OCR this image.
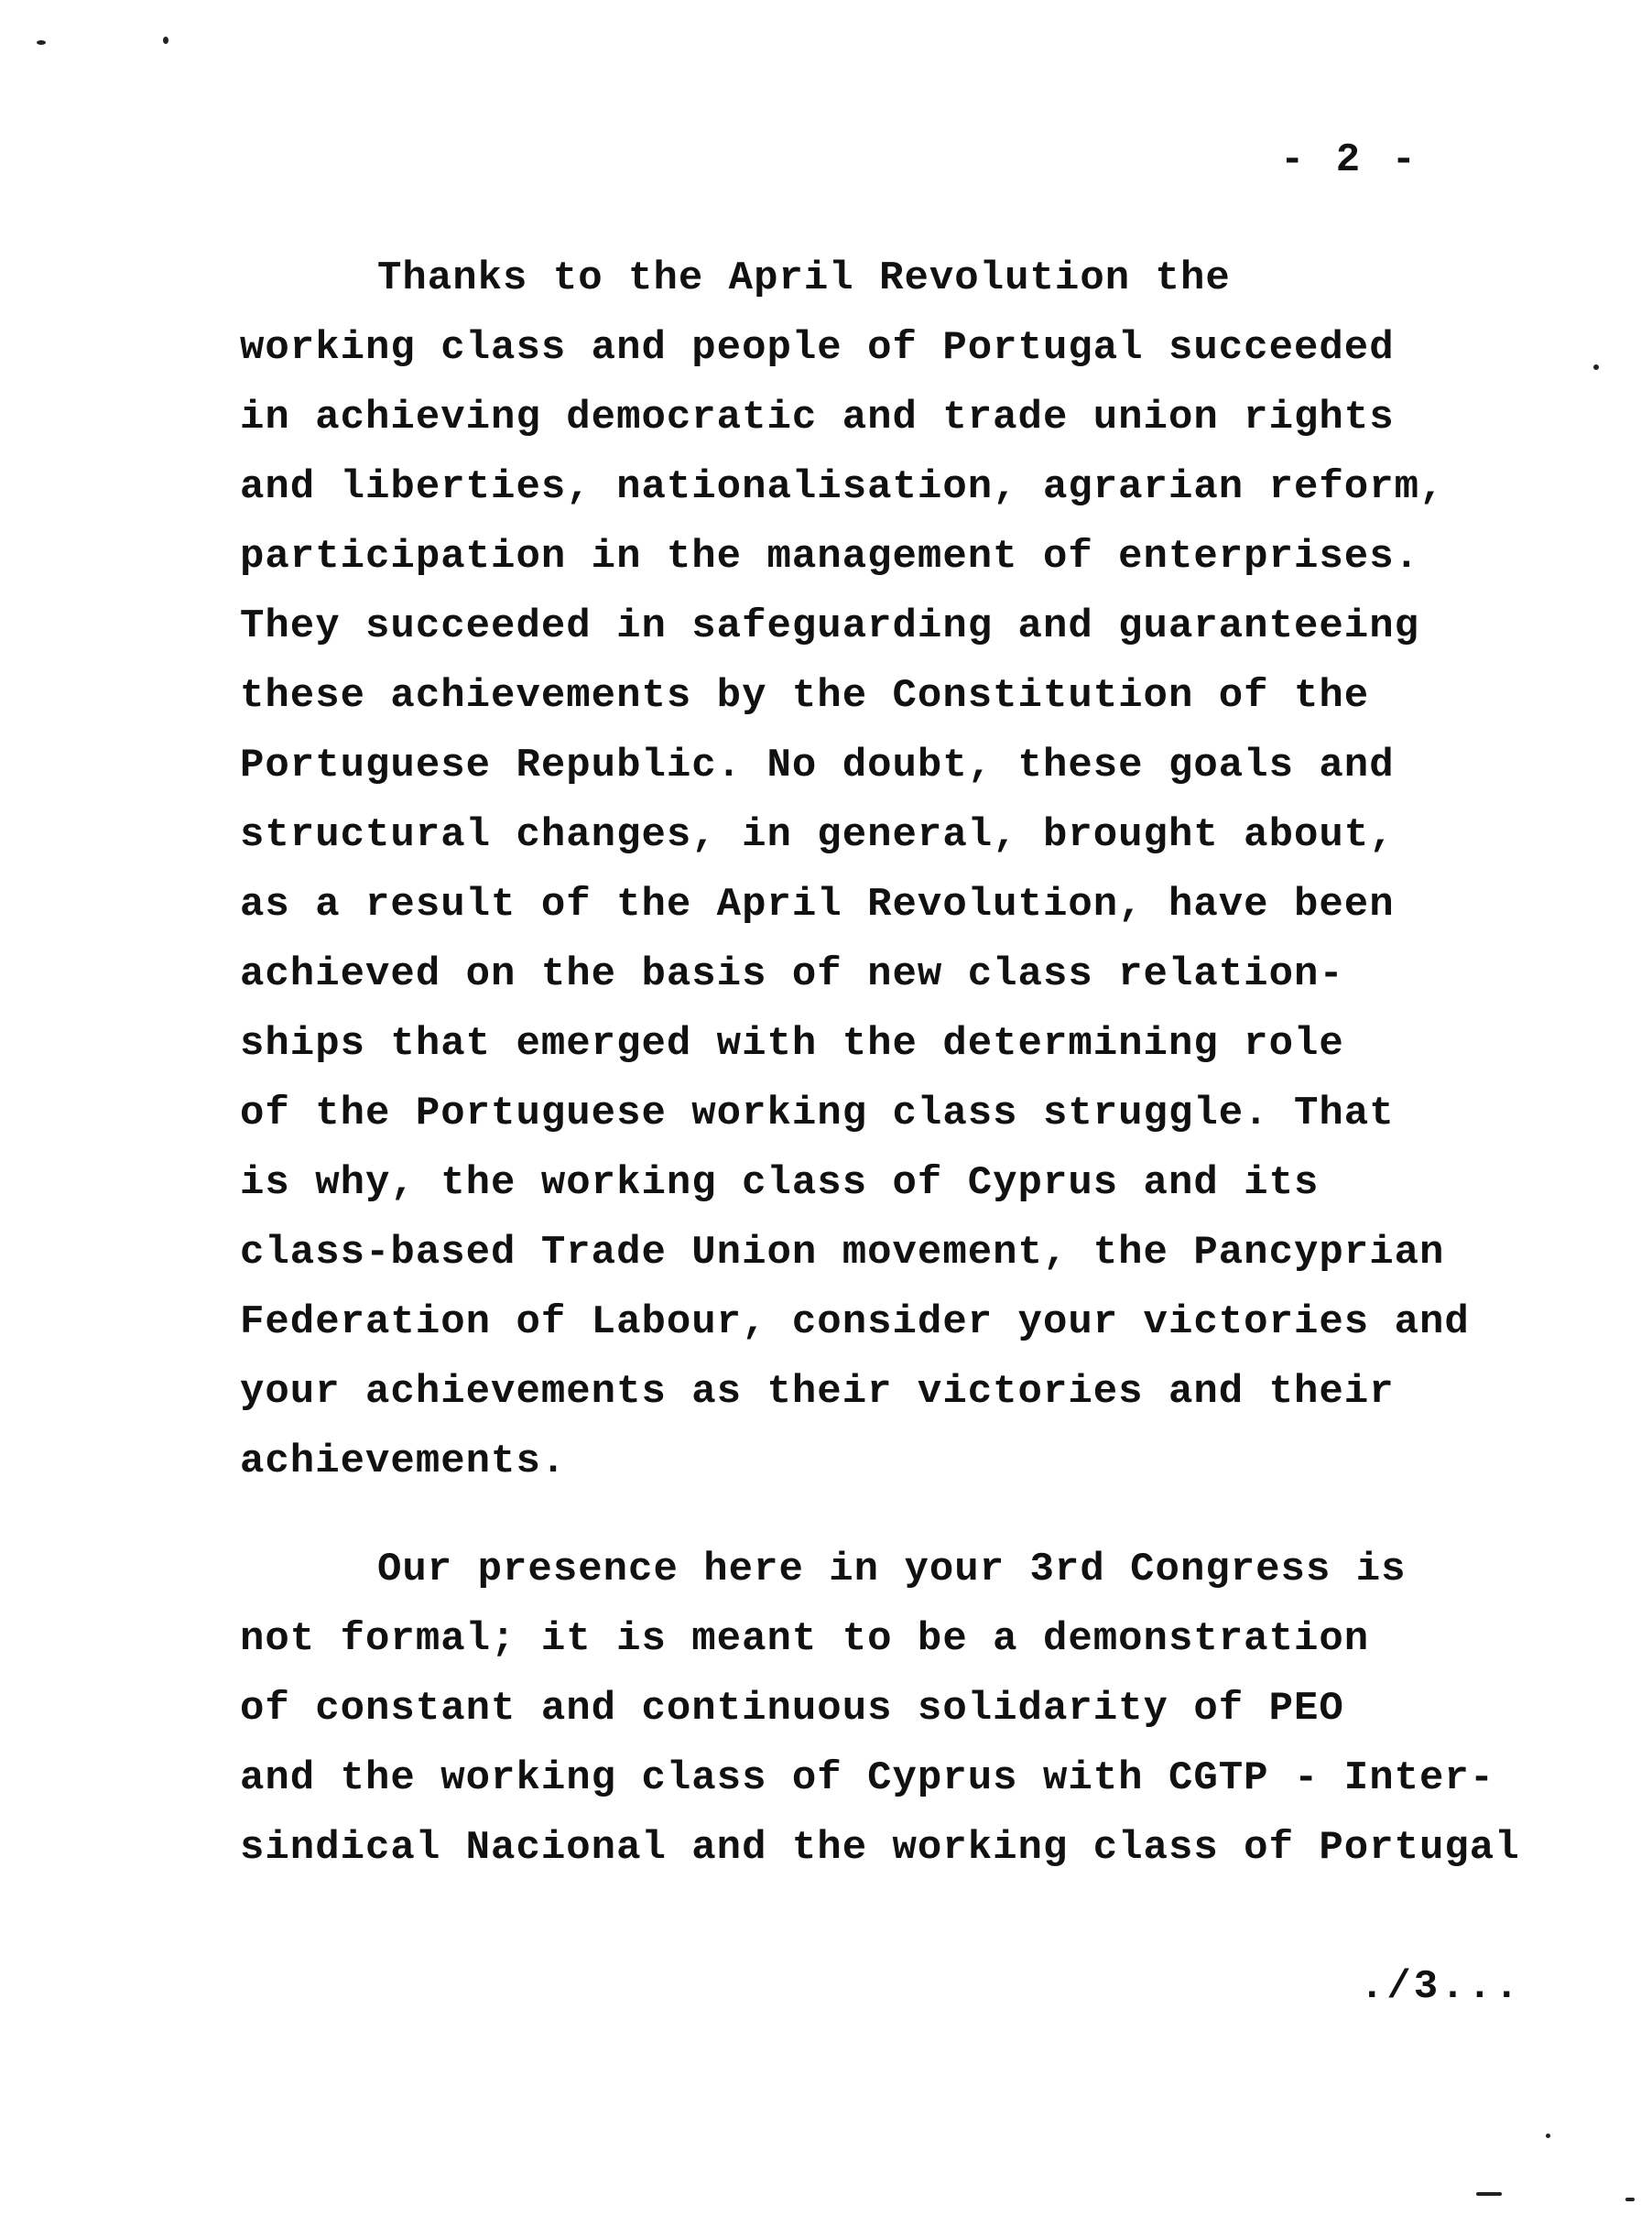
- 2 -
Thanks to the April Revolution the
working class and people of Portugal succeeded
in achieving democratic and trade union rights
and liberties, nationalisation, agrarian reform,
participation in the management of enterprises.
They succeeded in safeguarding and guaranteeing
these achievements by the Constitution of the
Portuguese Republic. No doubt, these goals and
structural changes, in general, brought about,
as a result of the April Revolution, have been
achieved on the basis of new class relation-
ships that emerged with the determining role
of the Portuguese working class struggle. That
is why, the working class of Cyprus and its
class-based Trade Union movement, the Pancyprian
Federation of Labour, consider your victories and
your achievements as their victories and their
achievements.
Our presence here in your 3rd Congress is
not formal; it is meant to be a demonstration
of constant and continuous solidarity of PEO
and the working class of Cyprus with CGTP - Inter-
sindical Nacional and the working class of Portugal
./3...
